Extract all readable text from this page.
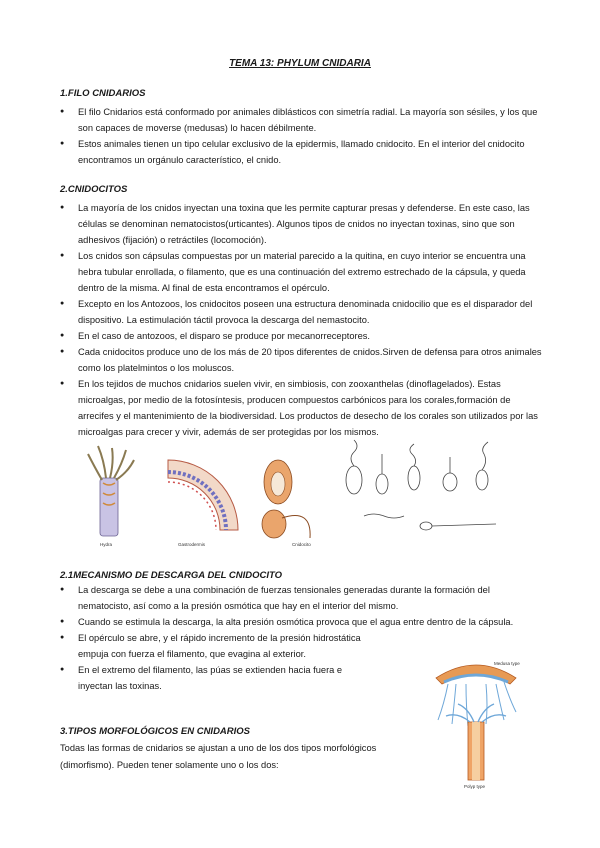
TEMA 13: PHYLUM CNIDARIA
1.FILO CNIDARIOS
● El filo Cnidarios está conformado por animales diblásticos con simetría radial. La mayoría son sésiles, y los que son capaces de moverse (medusas) lo hacen débilmente.
● Estos animales tienen un tipo celular exclusivo de la epidermis, llamado cnidocito. En el interior del cnidocito encontramos un orgánulo característico, el cnido.
2.CNIDOCITOS
● La mayoría de los cnidos inyectan una toxina que les permite capturar presas y defenderse. En este caso, las células se denominan nematocistos(urticantes). Algunos tipos de cnidos no inyectan toxinas, sino que son adhesivos (fijación) o retráctiles (locomoción).
● Los cnidos son cápsulas compuestas por un material parecido a la quitina, en cuyo interior se encuentra una hebra tubular enrollada, o filamento, que es una continuación del extremo estrechado de la cápsula, y queda dentro de la misma. Al final de esta encontramos el opérculo.
● Excepto en los Antozoos, los cnidocitos poseen una estructura denominada cnidocilio que es el disparador del dispositivo. La estimulación táctil provoca la descarga del nemastocito.
● En el caso de antozoos, el disparo se produce por mecanorreceptores.
● Cada cnidocitos produce uno de los más de 20 tipos diferentes de cnidos.Sirven de defensa para otros animales como los platelmintos o los moluscos.
● En los tejidos de muchos cnidarios suelen vivir, en simbiosis, con zooxanthelas (dinoflagelados). Estas microalgas, por medio de la fotosíntesis, producen compuestos carbónicos para los corales,formación de arrecifes y el mantenimiento de la biodiversidad. Los productos de desecho de los corales son utilizados por las microalgas para crecer y vivir, además de ser protegidas por los mismos.
Hydra	Gastrodermis	Cnidocito
2.1MECANISMO DE DESCARGA DEL CNIDOCITO
● La descarga se debe a una combinación de fuerzas tensionales generadas durante la formación del nematocisto, así como a la presión osmótica que hay en el interior del mismo.
● Cuando se estimula la descarga, la alta presión osmótica provoca que el agua entre dentro de la cápsula.
● El opérculo se abre, y el rápido incremento de la presión hidrostática empuja con fuerza el filamento, que evagina al exterior.
● En el extremo del filamento, las púas se extienden hacia fuera e inyectan las toxinas.
3.TIPOS MORFOLÓGICOS EN CNIDARIOS
Todas las formas de cnidarios se ajustan a uno de los dos tipos morfológicos (dimorfismo). Pueden tener solamente uno o los dos:
Medusa type
Polyp type
